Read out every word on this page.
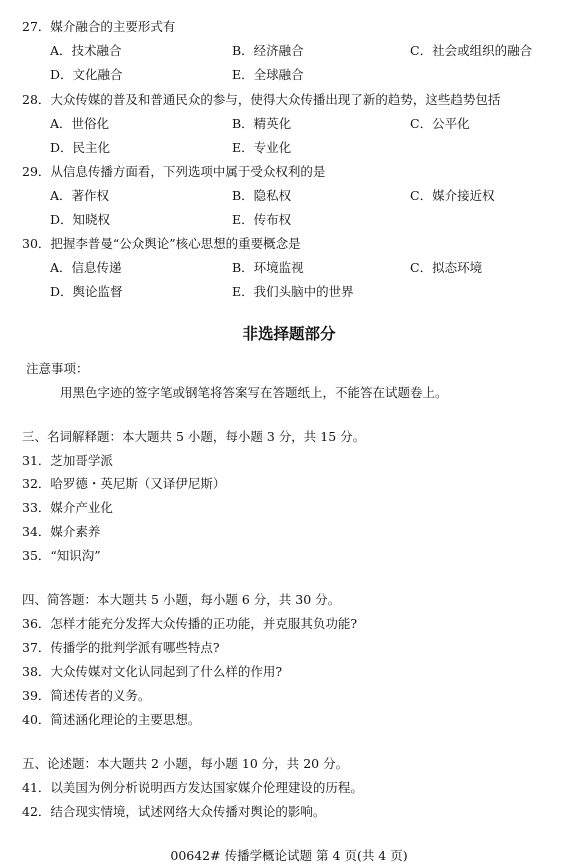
27．媒介融合的主要形式有
A．技术融合	B．经济融合	C．社会或组织的融合
D．文化融合	E．全球融合
28．大众传媒的普及和普通民众的参与，使得大众传播出现了新的趋势，这些趋势包括
A．世俗化	B．精英化	C．公平化
D．民主化	E．专业化
29．从信息传播方面看，下列选项中属于受众权利的是
A．著作权	B．隐私权	C．媒介接近权
D．知晓权	E．传布权
30．把握李普曼“公众舆论”核心思想的重要概念是
A．信息传递	B．环境监视	C．拟态环境
D．舆论监督	E．我们头脑中的世界
非选择题部分
注意事项：
用黑色字迹的签字笔或钢笔将答案写在答题纸上，不能答在试题卷上。
三、名词解释题：本大题共 5 小题，每小题 3 分，共 15 分。
31．芝加哥学派
32．哈罗德・英尼斯（又译伊尼斯）
33．媒介产业化
34．媒介素养
35．“知识沟”
四、简答题：本大题共 5 小题，每小题 6 分，共 30 分。
36．怎样才能充分发挥大众传播的正功能，并克服其负功能?
37．传播学的批判学派有哪些特点?
38．大众传媒对文化认同起到了什么样的作用?
39．简述传者的义务。
40．简述涵化理论的主要思想。
五、论述题：本大题共 2 小题，每小题 10 分，共 20 分。
41．以美国为例分析说明西方发达国家媒介伦理建设的历程。
42．结合现实情境，试述网络大众传播对舆论的影响。
00642# 传播学概论试题 第 4 页(共 4 页)
